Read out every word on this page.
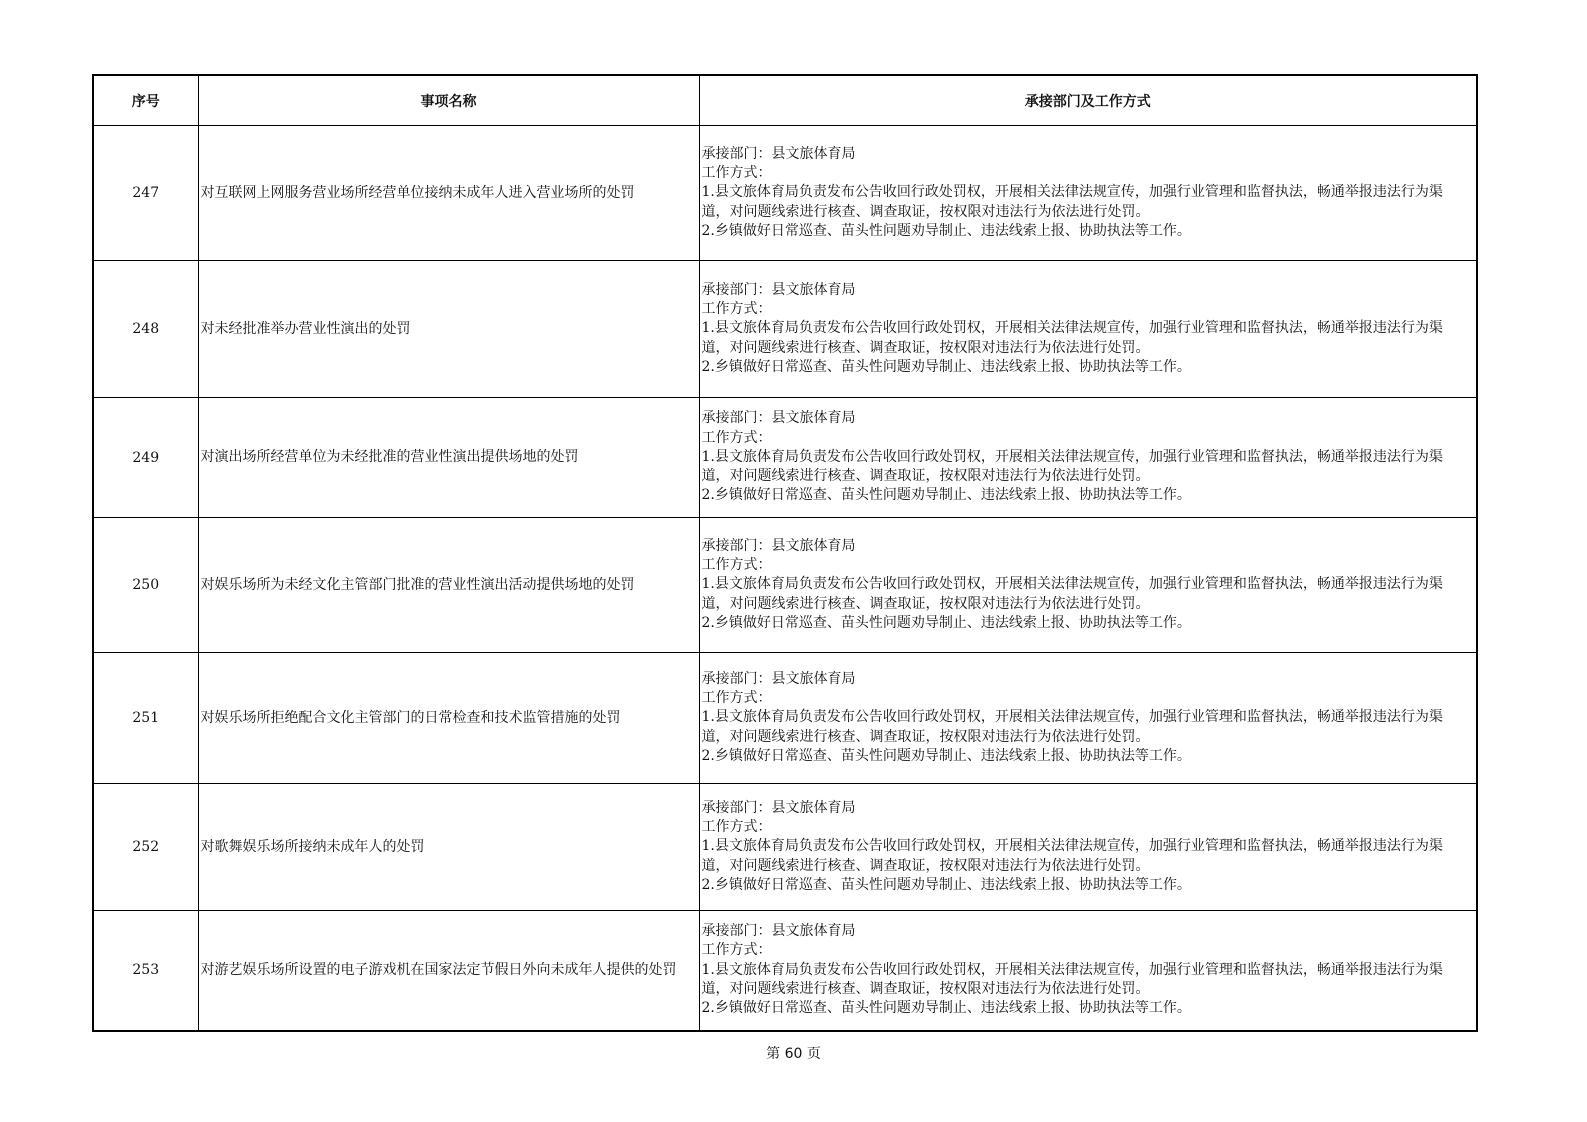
序号	事项名称	承接部门及工作方式
247	对互联网上网服务营业场所经营单位接纳未成年人进入营业场所的处罚	承接部门：县文旅体育局
工作方式：
1.县文旅体育局负责发布公告收回行政处罚权，开展相关法律法规宣传，加强行业管理和监督执法，畅通举报违法行为渠道，对问题线索进行核查、调查取证，按权限对违法行为依法进行处罚。
2.乡镇做好日常巡查、苗头性问题劝导制止、违法线索上报、协助执法等工作。

248	对未经批准举办营业性演出的处罚	承接部门：县文旅体育局
工作方式：
1.县文旅体育局负责发布公告收回行政处罚权，开展相关法律法规宣传，加强行业管理和监督执法，畅通举报违法行为渠道，对问题线索进行核查、调查取证，按权限对违法行为依法进行处罚。
2.乡镇做好日常巡查、苗头性问题劝导制止、违法线索上报、协助执法等工作。

249	对演出场所经营单位为未经批准的营业性演出提供场地的处罚	承接部门：县文旅体育局
工作方式：
1.县文旅体育局负责发布公告收回行政处罚权，开展相关法律法规宣传，加强行业管理和监督执法，畅通举报违法行为渠道，对问题线索进行核查、调查取证，按权限对违法行为依法进行处罚。
2.乡镇做好日常巡查、苗头性问题劝导制止、违法线索上报、协助执法等工作。

250	对娱乐场所为未经文化主管部门批准的营业性演出活动提供场地的处罚	承接部门：县文旅体育局
工作方式：
1.县文旅体育局负责发布公告收回行政处罚权，开展相关法律法规宣传，加强行业管理和监督执法，畅通举报违法行为渠道，对问题线索进行核查、调查取证，按权限对违法行为依法进行处罚。
2.乡镇做好日常巡查、苗头性问题劝导制止、违法线索上报、协助执法等工作。

251	对娱乐场所拒绝配合文化主管部门的日常检查和技术监管措施的处罚	承接部门：县文旅体育局
工作方式：
1.县文旅体育局负责发布公告收回行政处罚权，开展相关法律法规宣传，加强行业管理和监督执法，畅通举报违法行为渠道，对问题线索进行核查、调查取证，按权限对违法行为依法进行处罚。
2.乡镇做好日常巡查、苗头性问题劝导制止、违法线索上报、协助执法等工作。

252	对歌舞娱乐场所接纳未成年人的处罚	承接部门：县文旅体育局
工作方式：
1.县文旅体育局负责发布公告收回行政处罚权，开展相关法律法规宣传，加强行业管理和监督执法，畅通举报违法行为渠道，对问题线索进行核查、调查取证，按权限对违法行为依法进行处罚。
2.乡镇做好日常巡查、苗头性问题劝导制止、违法线索上报、协助执法等工作。

253	对游艺娱乐场所设置的电子游戏机在国家法定节假日外向未成年人提供的处罚	承接部门：县文旅体育局
工作方式：
1.县文旅体育局负责发布公告收回行政处罚权，开展相关法律法规宣传，加强行业管理和监督执法，畅通举报违法行为渠道，对问题线索进行核查、调查取证，按权限对违法行为依法进行处罚。
2.乡镇做好日常巡查、苗头性问题劝导制止、违法线索上报、协助执法等工作。
第 60 页
